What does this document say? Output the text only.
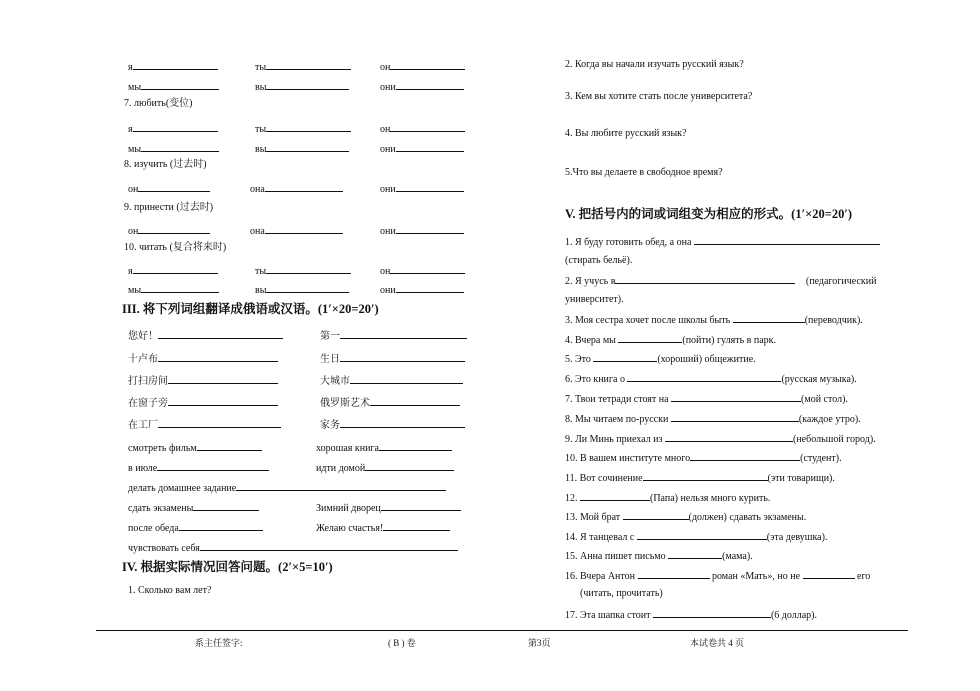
я	ты	он
мы	вы	они
7. любить(变位)
я	ты	он
мы	вы	они
8. изучить (过去时)
он	она	они
9. принести (过去时)
он	она	они
10. читать (复合将来时)
я	ты	он
мы	вы	они
III. 将下列词组翻译成俄语或汉语。(1′×20=20′)
您好！	第一
十卢布	生日
打扫房间	大城市
在窗子旁	俄罗斯艺术
在工厂	家务
смотреть фильм	хорошая книга
в июле	идти домой
делать домашнее задание
сдать экзамены	Зимний дворец
после обеда	Желаю счастья!
чувствовать себя
IV. 根据实际情况回答问题。(2′×5=10′)
1. Сколько вам лет?
2. Когда вы начали изучать русский язык?
3. Кем вы хотите стать после университета?
4. Вы любите русский язык?
5.Что вы делаете в свободное время?
V. 把括号内的词或词组变为相应的形式。(1′×20=20′)
1. Я буду готовить обед, а она
(стирать бельё).
2. Я учусь в	(педагогический
университет).
3. Моя сестра хочет после школы быть	(переводчик).
4. Вчера мы	(пойти) гулять в парк.
5. Это	(хороший) общежитие.
6. Это книга о	(русская музыка).
7. Твои тетради стоят на	(мой стол).
8. Мы читаем по-русски	(каждое утро).
9. Ли Минь приехал из	(небольшой город).
10. В вашем институте много	(студент).
11. Вот сочинение	(эти товарищи).
12.	(Папа) нельзя много курить.
13. Мой брат	(должен) сдавать экзамены.
14. Я танцевал с	(эта девушка).
15. Анна пишет письмо	(мама).
16. Вчера Антон	роман «Мать», но не	его
(читать, прочитать)
17. Эта шапка стоит	(6 доллар).
系主任签字:	( B ) 卷	第3页	本试卷共 4 页
